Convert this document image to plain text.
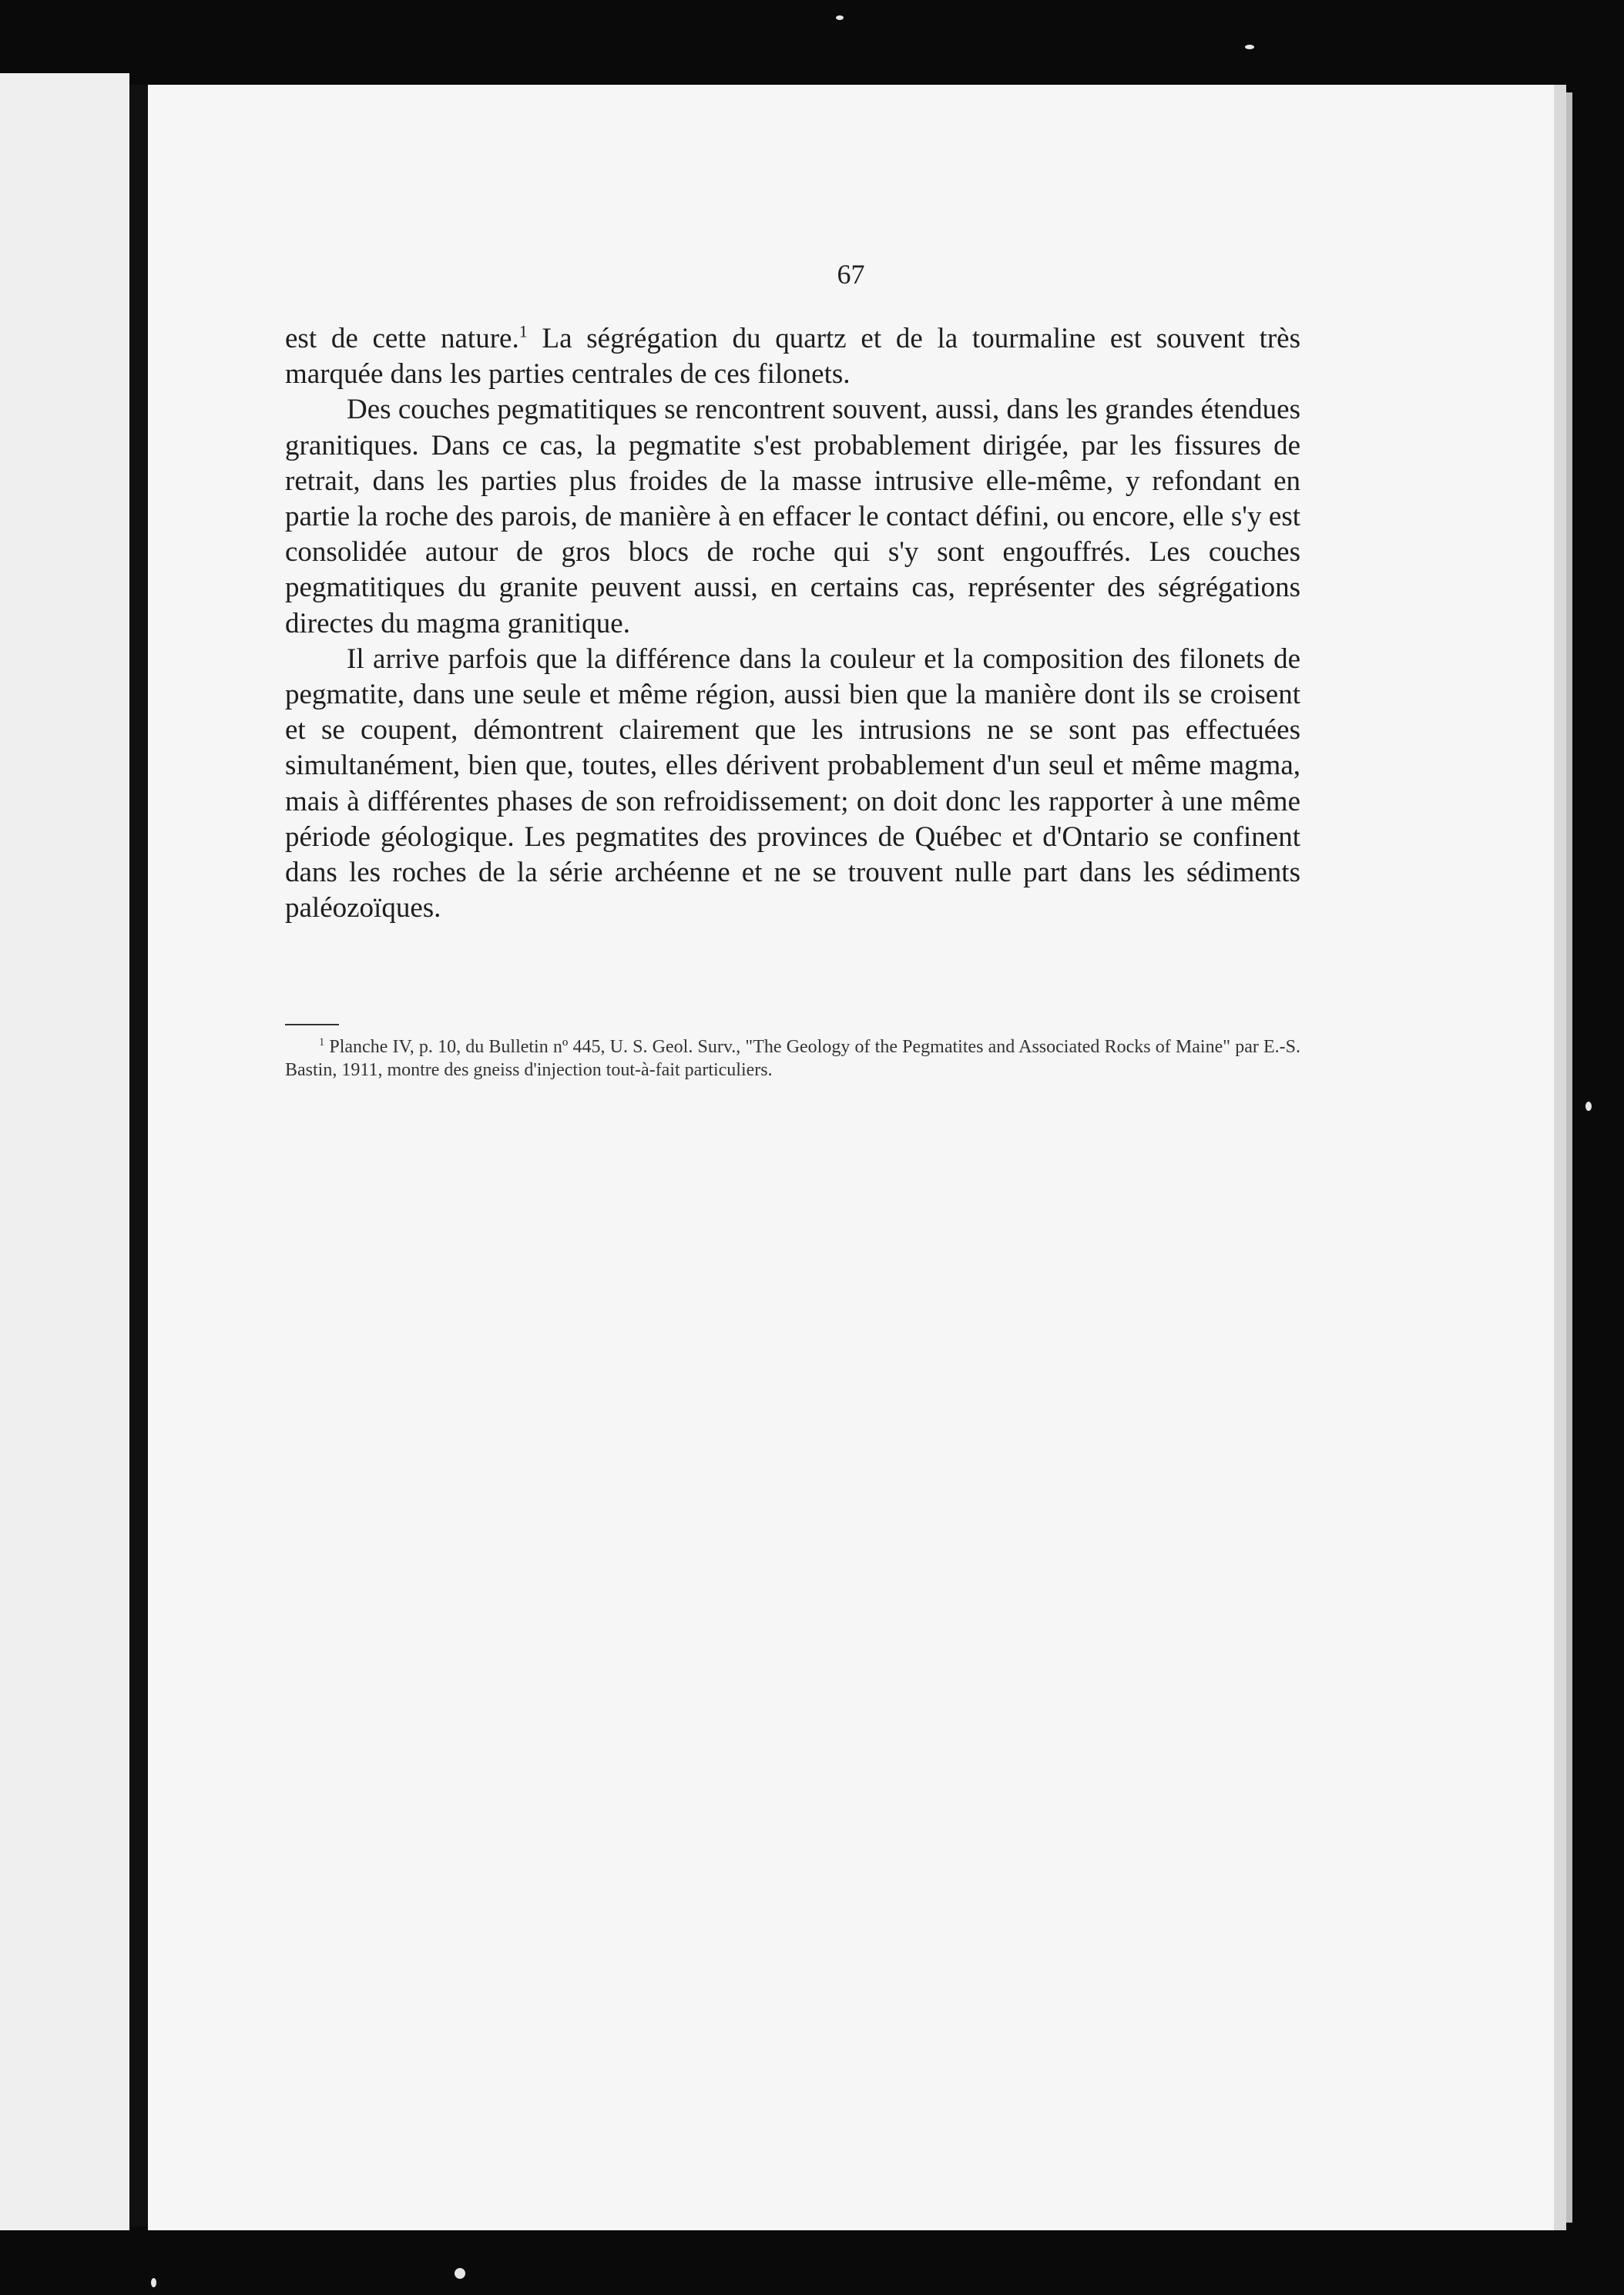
67

est de cette nature.$^1$ La ségrégation du quartz et de la tourmaline est souvent très marquée dans les parties centrales de ces filonets.

Des couches pegmatitiques se rencontrent souvent, aussi, dans les grandes étendues granitiques. Dans ce cas, la pegmatite s'est probablement dirigée, par les fissures de retrait, dans les parties plus froides de la masse intrusive elle-même, y refondant en partie la roche des parois, de manière à en effacer le contact défini, ou encore, elle s'y est consolidée autour de gros blocs de roche qui s'y sont engouffrés. Les couches pegmatitiques du granite peuvent aussi, en certains cas, représenter des ségrégations directes du magma granitique.

Il arrive parfois que la différence dans la couleur et la composition des filonets de pegmatite, dans une seule et même région, aussi bien que la manière dont ils se croisent et se coupent, démontrent clairement que les intrusions ne se sont pas effectuées simultanément, bien que, toutes, elles dérivent probablement d'un seul et même magma, mais à différentes phases de son refroidissement; on doit donc les rapporter à une même période géologique. Les pegmatites des provinces de Québec et d'Ontario se confinent dans les roches de la série archéenne et ne se trouvent nulle part dans les sédiments paléozoïques.

$^1$ Planche IV, p. 10, du Bulletin nº 445, U. S. Geol. Surv., "The Geology of the Pegmatites and Associated Rocks of Maine" par E.-S. Bastin, 1911, montre des gneiss d'injection tout-à-fait particuliers.
